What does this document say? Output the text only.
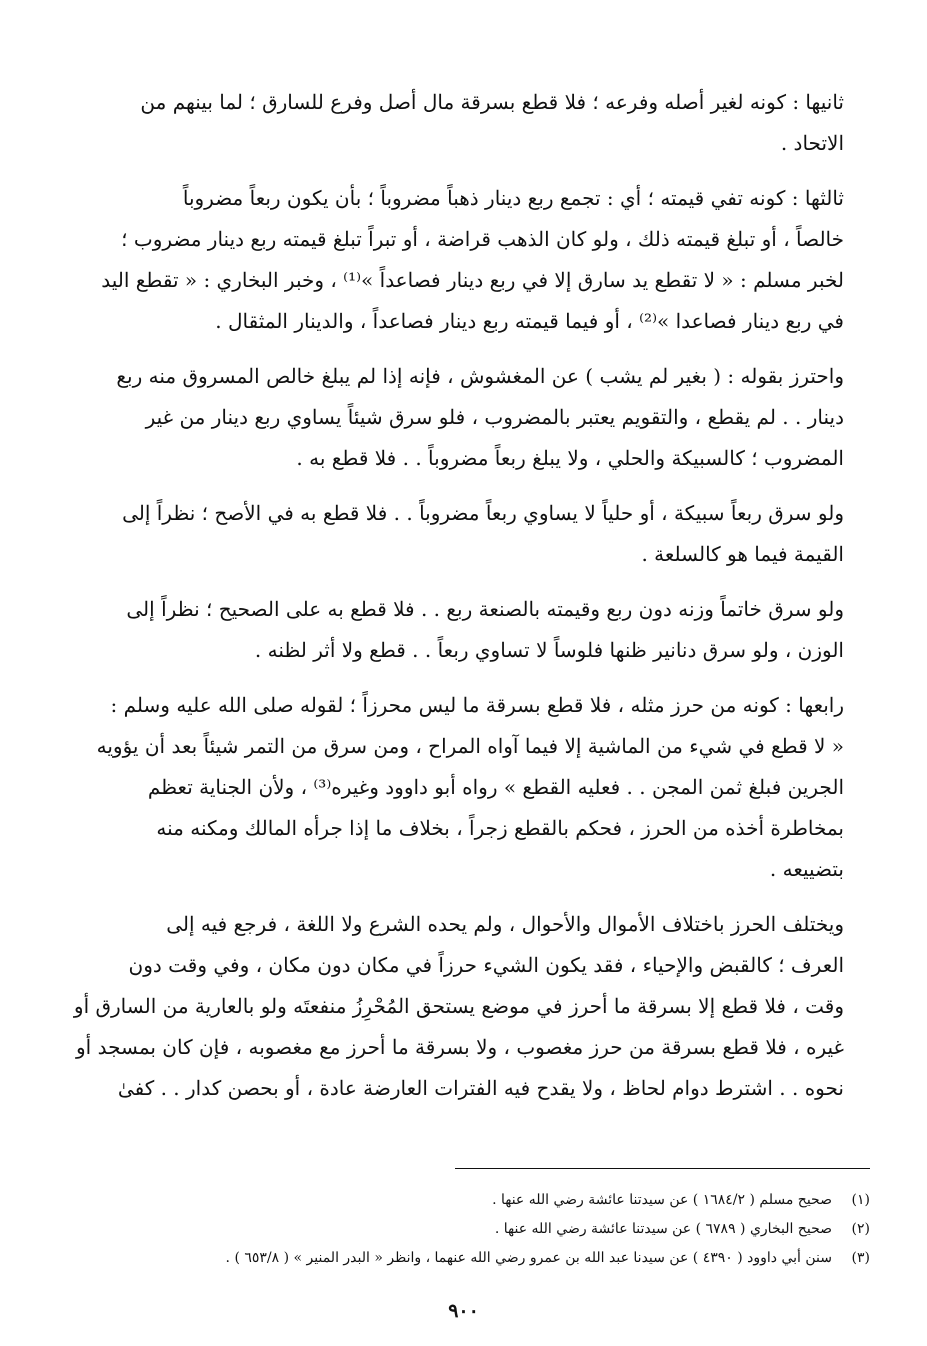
ثانيها : كونه لغير أصله وفرعه ؛ فلا قطع بسرقة مال أصل وفرع للسارق ؛ لما بينهم من
الاتحاد .

ثالثها : كونه تفي قيمته ؛ أي : تجمع ربع دينار ذهباً مضروباً ؛ بأن يكون ربعاً مضروباً
خالصاً ، أو تبلغ قيمته ذلك ، ولو كان الذهب قراضة ، أو تبراً تبلغ قيمته ربع دينار مضروب ؛
لخبر مسلم : « لا تقطع يد سارق إلا في ربع دينار فصاعداً »⁽¹⁾ ، وخبر البخاري : « تقطع اليد
في ربع دينار فصاعدا »⁽²⁾ ، أو فيما قيمته ربع دينار فصاعداً ، والدينار المثقال .

واحترز بقوله : ( بغير لم يشب ) عن المغشوش ، فإنه إذا لم يبلغ خالص المسروق منه ربع
دينار . . لم يقطع ، والتقويم يعتبر بالمضروب ، فلو سرق شيئاً يساوي ربع دينار من غير
المضروب ؛ كالسبيكة والحلي ، ولا يبلغ ربعاً مضروباً . . فلا قطع به .

ولو سرق ربعاً سبيكة ، أو حلياً لا يساوي ربعاً مضروباً . . فلا قطع به في الأصح ؛ نظراً إلى
القيمة فيما هو كالسلعة .

ولو سرق خاتماً وزنه دون ربع وقيمته بالصنعة ربع . . فلا قطع به على الصحيح ؛ نظراً إلى
الوزن ، ولو سرق دنانير ظنها فلوساً لا تساوي ربعاً . . قطع ولا أثر لظنه .

رابعها : كونه من حرز مثله ، فلا قطع بسرقة ما ليس محرزاً ؛ لقوله صلى الله عليه وسلم :
« لا قطع في شيء من الماشية إلا فيما آواه المراح ، ومن سرق من التمر شيئاً بعد أن يؤويه
الجرين فبلغ ثمن المجن . . فعليه القطع » رواه أبو داوود وغيره⁽³⁾ ، ولأن الجناية تعظم
بمخاطرة أخذه من الحرز ، فحكم بالقطع زجراً ، بخلاف ما إذا جرأه المالك ومكنه منه
بتضييعه .

ويختلف الحرز باختلاف الأموال والأحوال ، ولم يحده الشرع ولا اللغة ، فرجع فيه إلى
العرف ؛ كالقبض والإحياء ، فقد يكون الشيء حرزاً في مكان دون مكان ، وفي وقت دون
وقت ، فلا قطع إلا بسرقة ما أحرز في موضع يستحق المُحْرِزُ منفعتَه ولو بالعارية من السارق أو
غيره ، فلا قطع بسرقة من حرز مغصوب ، ولا بسرقة ما أحرز مع مغصوبه ، فإن كان بمسجد أو
نحوه . . اشترط دوام لحاظ ، ولا يقدح فيه الفترات العارضة عادة ، أو بحصن كدار . . كفىٰ

(١)
صحيح مسلم ( ١٦٨٤/٢ ) عن سيدتنا عائشة رضي الله عنها .
(٢)
صحيح البخاري ( ٦٧٨٩ ) عن سيدتنا عائشة رضي الله عنها .
(٣)
سنن أبي داوود ( ٤٣٩٠ ) عن سيدنا عبد الله بن عمرو رضي الله عنهما ، وانظر « البدر المنير » ( ٦٥٣/٨ ) .
٩٠٠
